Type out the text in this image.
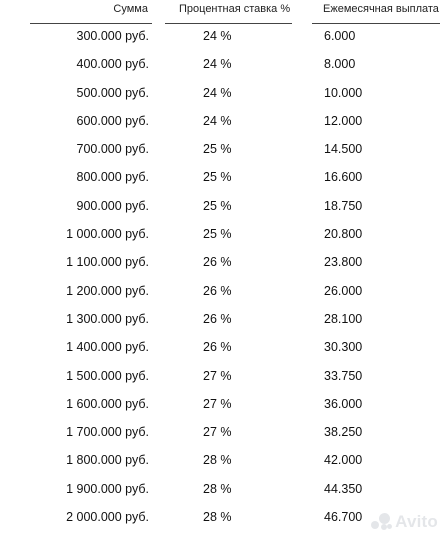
Сумма	Процентная ставка %	Ежемесячная выплата
300.000 руб.	24 %	6.000
400.000 руб.	24 %	8.000
500.000 руб.	24 %	10.000
600.000 руб.	24 %	12.000
700.000 руб.	25 %	14.500
800.000 руб.	25 %	16.600
900.000 руб.	25 %	18.750
1 000.000 руб.	25 %	20.800
1 100.000 руб.	26 %	23.800
1 200.000 руб.	26 %	26.000
1 300.000 руб.	26 %	28.100
1 400.000 руб.	26 %	30.300
1 500.000 руб.	27 %	33.750
1 600.000 руб.	27 %	36.000
1 700.000 руб.	27 %	38.250
1 800.000 руб.	28 %	42.000
1 900.000 руб.	28 %	44.350
2 000.000 руб.	28 %	46.700 Avito
